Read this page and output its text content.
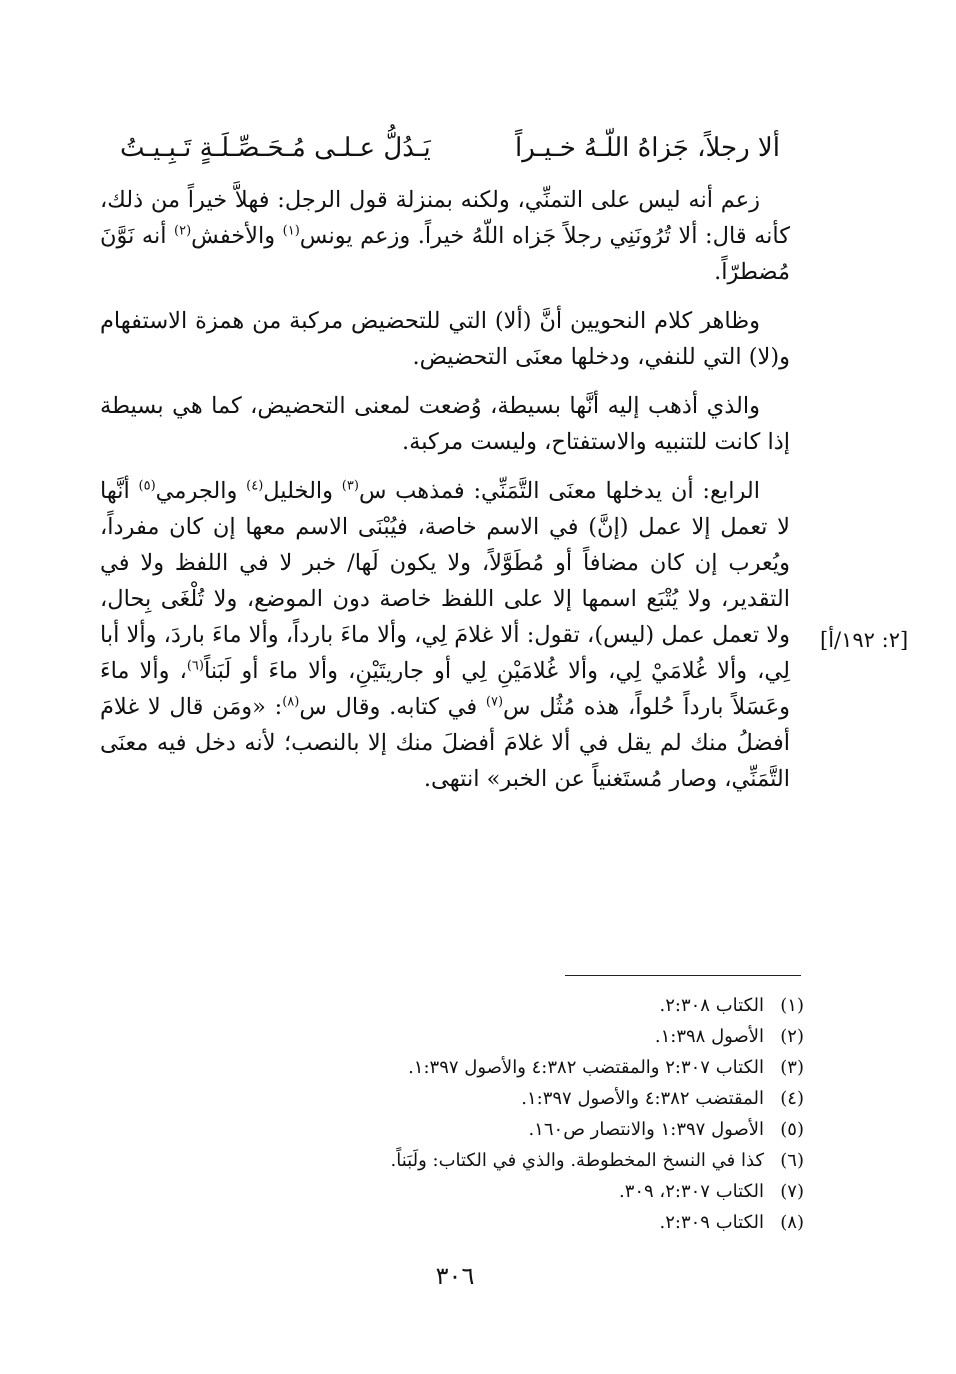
ألا رجلاً، جَزاهُ اللّـهُ خـيـراً
يَـدُلُّ عـلـى مُـحَـصِّـلَـةٍ تَـبِـيـتُ

زعم أنه ليس على التمنِّي، ولكنه بمنزلة قول الرجل: فهلاَّ خيراً من ذلك، كأنه قال: ألا تُرُونَنِي رجلاً جَزاه اللّهُ خيراً. وزعم يونس$^{(١)}$ والأخفش$^{(٢)}$ أنه نَوَّنَ مُضطرّاً.

وظاهر كلام النحويين أنَّ (ألا) التي للتحضيض مركبة من همزة الاستفهام و(لا) التي للنفي، ودخلها معنَى التحضيض.

والذي أذهب إليه أنَّها بسيطة، وُضعت لمعنى التحضيض، كما هي بسيطة إذا كانت للتنبيه والاستفتاح، وليست مركبة.

الرابع: أن يدخلها معنَى التَّمَنِّي: فمذهب س$^{(٣)}$ والخليل$^{(٤)}$ والجرمي$^{(٥)}$ أنَّها لا تعمل إلا عمل (إنَّ) في الاسم خاصة، فيُبْنَى الاسم معها إن كان مفرداً، ويُعرب إن كان مضافاً أو مُطَوَّلاً، ولا يكون لَها/ خبر لا في اللفظ ولا في التقدير، ولا يُتْبَع اسمها إلا على اللفظ خاصة دون الموضع، ولا تُلْغَى بِحال، ولا تعمل عمل (ليس)، تقول: ألا غلامَ لِي، وألا ماءَ بارداً، وألا ماءَ باردَ، وألا أبا لِي، وألا غُلامَيْ لِي، وألا غُلامَيْنِ لِي أو جاريتَيْنِ، وألا ماءَ أو لَبَناً$^{(٦)}$، وألا ماءَ وعَسَلاً بارداً حُلواً، هذه مُثُل س$^{(٧)}$ في كتابه. وقال س$^{(٨)}$: «ومَن قال لا غلامَ أفضلُ منك لم يقل في ألا غلامَ أفضلَ منك إلا بالنصب؛ لأنه دخل فيه معنَى التَّمَنِّي، وصار مُستَغنياً عن الخبر» انتهى.

[٢: ١٩٢/أ]
(١)
الكتاب ٢:٣٠٨.
(٢)
الأصول ١:٣٩٨.
(٣)
الكتاب ٢:٣٠٧ والمقتضب ٤:٣٨٢ والأصول ١:٣٩٧.
(٤)
المقتضب ٤:٣٨٢ والأصول ١:٣٩٧.
(٥)
الأصول ١:٣٩٧ والانتصار ص١٦٠.
(٦)
كذا في النسخ المخطوطة. والذي في الكتاب: ولَبَناً.
(٧)
الكتاب ٢:٣٠٧، ٣٠٩.
(٨)
الكتاب ٢:٣٠٩.
٣٠٦
